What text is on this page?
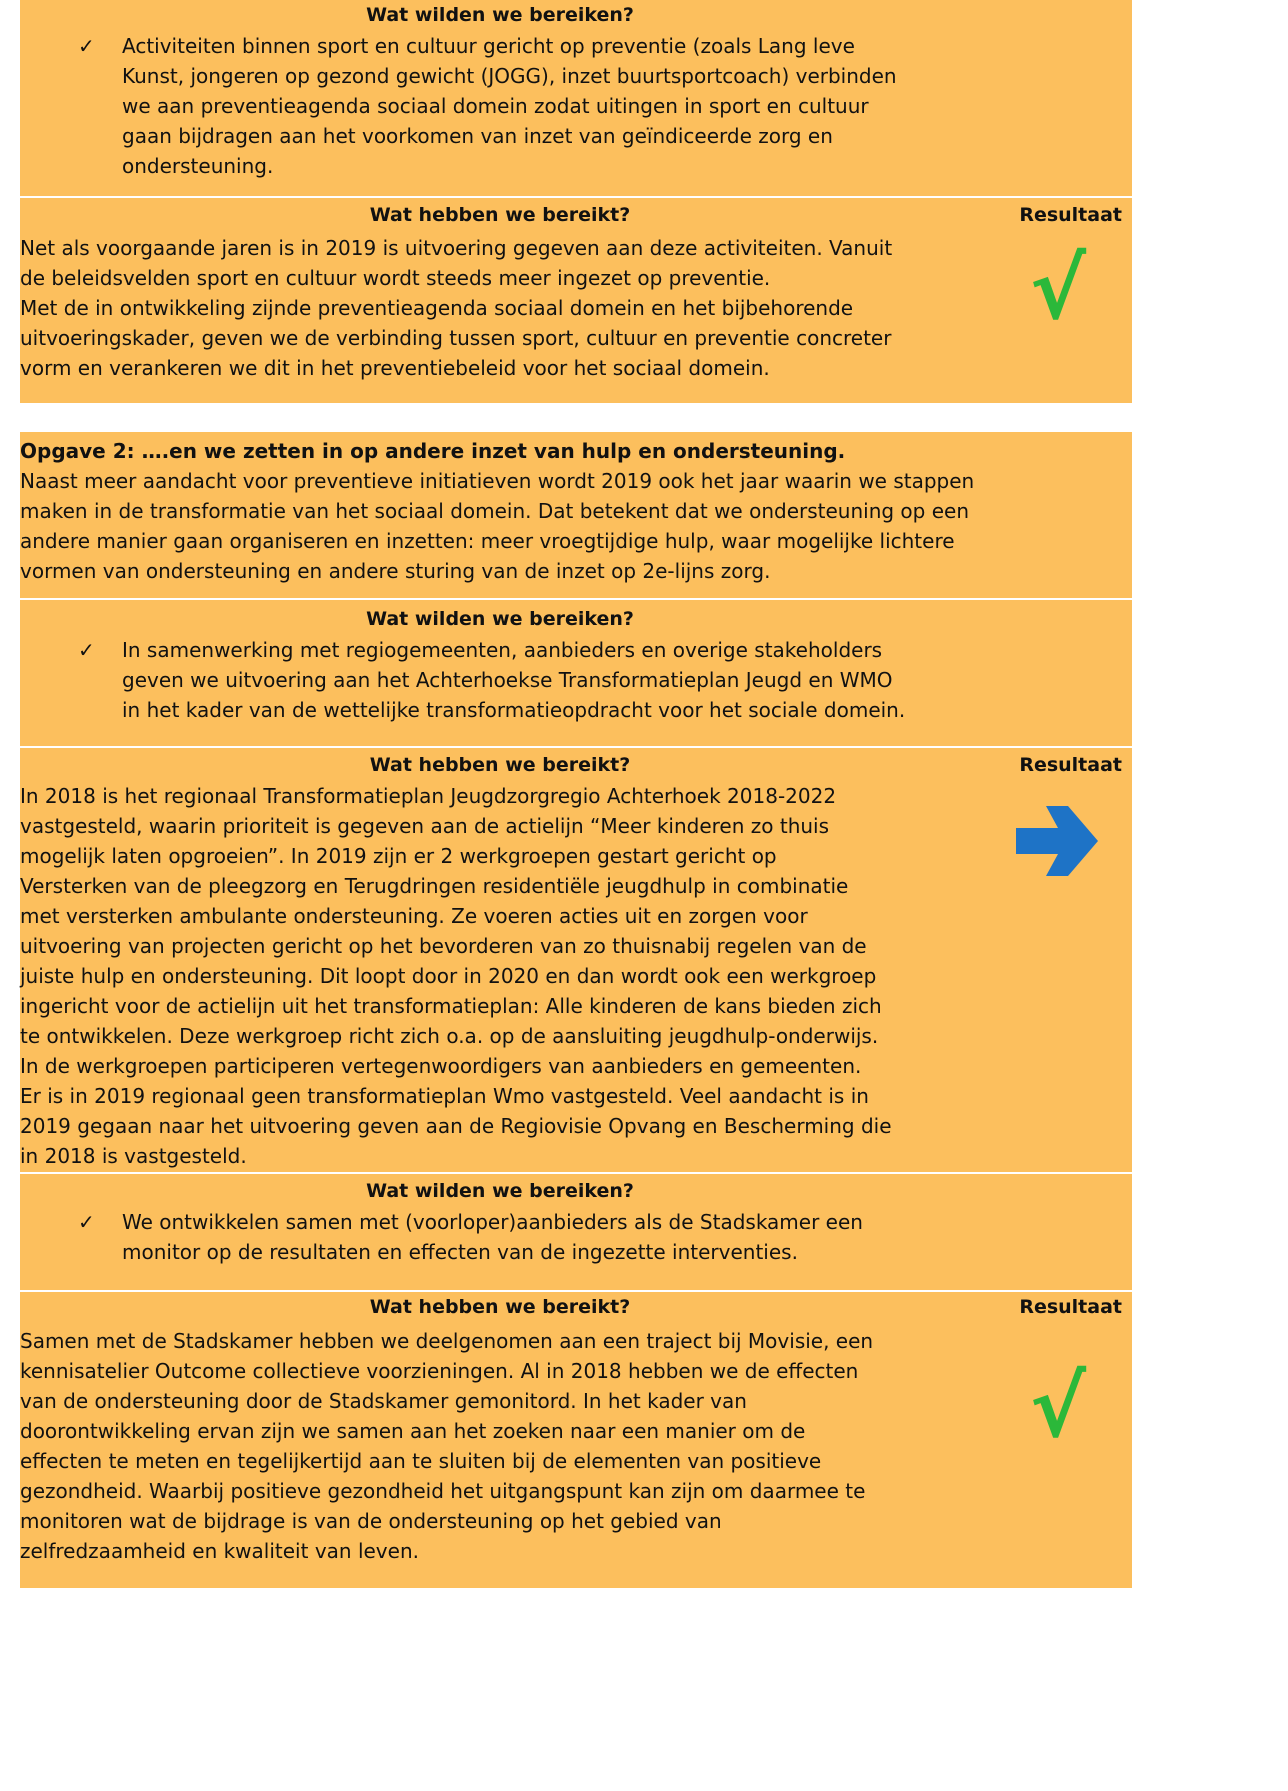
Wat wilden we bereiken?
✓ Activiteiten binnen sport en cultuur gericht op preventie (zoals Lang leve
Kunst, jongeren op gezond gewicht (JOGG), inzet buurtsportcoach) verbinden
we aan preventieagenda sociaal domein zodat uitingen in sport en cultuur
gaan bijdragen aan het voorkomen van inzet van geïndiceerde zorg en
ondersteuning.
Wat hebben we bereikt?	Resultaat
Net als voorgaande jaren is in 2019 is uitvoering gegeven aan deze activiteiten. Vanuit
de beleidsvelden sport en cultuur wordt steeds meer ingezet op preventie.
Met de in ontwikkeling zijnde preventieagenda sociaal domein en het bijbehorende
uitvoeringskader, geven we de verbinding tussen sport, cultuur en preventie concreter
vorm en verankeren we dit in het preventiebeleid voor het sociaal domein.
√
Opgave 2: ….en we zetten in op andere inzet van hulp en ondersteuning.
Naast meer aandacht voor preventieve initiatieven wordt 2019 ook het jaar waarin we stappen
maken in de transformatie van het sociaal domein. Dat betekent dat we ondersteuning op een
andere manier gaan organiseren en inzetten: meer vroegtijdige hulp, waar mogelijke lichtere
vormen van ondersteuning en andere sturing van de inzet op 2e-lijns zorg.
Wat wilden we bereiken?
✓ In samenwerking met regiogemeenten, aanbieders en overige stakeholders
geven we uitvoering aan het Achterhoekse Transformatieplan Jeugd en WMO
in het kader van de wettelijke transformatieopdracht voor het sociale domein.
Wat hebben we bereikt?	Resultaat
In 2018 is het regionaal Transformatieplan Jeugdzorgregio Achterhoek 2018-2022
vastgesteld, waarin prioriteit is gegeven aan de actielijn “Meer kinderen zo thuis
mogelijk laten opgroeien”. In 2019 zijn er 2 werkgroepen gestart gericht op
Versterken van de pleegzorg en Terugdringen residentiële jeugdhulp in combinatie
met versterken ambulante ondersteuning. Ze voeren acties uit en zorgen voor
uitvoering van projecten gericht op het bevorderen van zo thuisnabij regelen van de
juiste hulp en ondersteuning. Dit loopt door in 2020 en dan wordt ook een werkgroep
ingericht voor de actielijn uit het transformatieplan: Alle kinderen de kans bieden zich
te ontwikkelen. Deze werkgroep richt zich o.a. op de aansluiting jeugdhulp-onderwijs.
In de werkgroepen participeren vertegenwoordigers van aanbieders en gemeenten.
Er is in 2019 regionaal geen transformatieplan Wmo vastgesteld. Veel aandacht is in
2019 gegaan naar het uitvoering geven aan de Regiovisie Opvang en Bescherming die
in 2018 is vastgesteld.
Wat wilden we bereiken?
✓ We ontwikkelen samen met (voorloper)aanbieders als de Stadskamer een
monitor op de resultaten en effecten van de ingezette interventies.
Wat hebben we bereikt?	Resultaat
Samen met de Stadskamer hebben we deelgenomen aan een traject bij Movisie, een
kennisatelier Outcome collectieve voorzieningen. Al in 2018 hebben we de effecten
van de ondersteuning door de Stadskamer gemonitord. In het kader van
doorontwikkeling ervan zijn we samen aan het zoeken naar een manier om de
effecten te meten en tegelijkertijd aan te sluiten bij de elementen van positieve
gezondheid. Waarbij positieve gezondheid het uitgangspunt kan zijn om daarmee te
monitoren wat de bijdrage is van de ondersteuning op het gebied van
zelfredzaamheid en kwaliteit van leven.
√
